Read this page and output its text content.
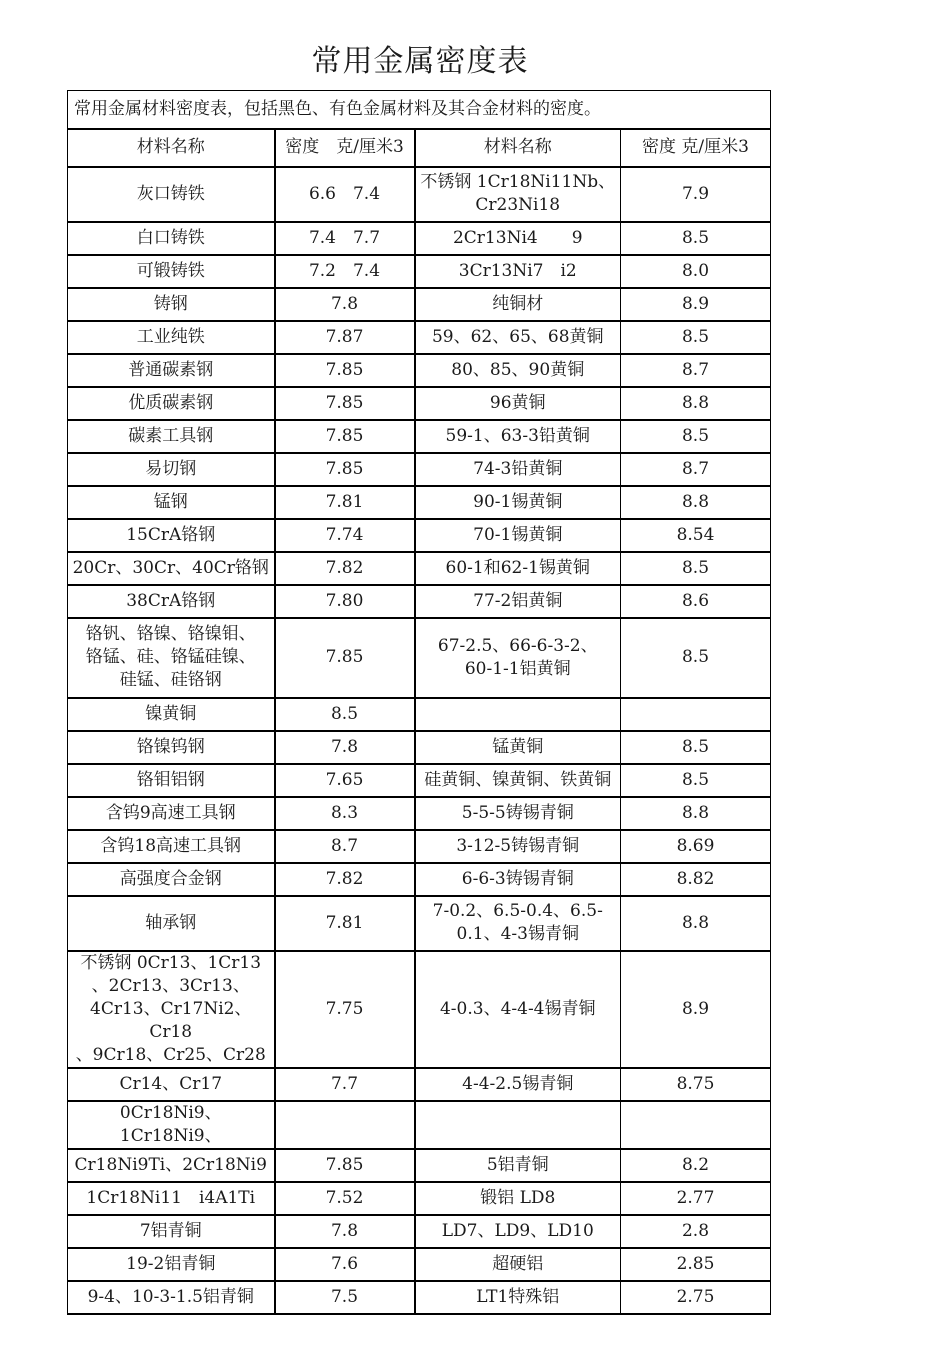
常用金属密度表
常用金属材料密度表，包括黑色、有色金属材料及其合金材料的密度。			
材料名称	密度　克/厘米3	材料名称	密度 克/厘米3
灰口铸铁	6.6　7.4	不锈钢 1Cr18Ni11Nb、
Cr23Ni18	7.9
白口铸铁	7.4　7.7	2Cr13Ni4　　9	8.5
可锻铸铁	7.2　7.4	3Cr13Ni7　i2	8.0
铸钢	7.8	纯铜材	8.9
工业纯铁	7.87	59、62、65、68黄铜	8.5
普通碳素钢	7.85	80、85、90黄铜	8.7
优质碳素钢	7.85	96黄铜	8.8
碳素工具钢	7.85	59-1、63-3铅黄铜	8.5
易切钢	7.85	74-3铅黄铜	8.7
锰钢	7.81	90-1锡黄铜	8.8
15CrA铬钢	7.74	70-1锡黄铜	8.54
20Cr、30Cr、40Cr铬钢	7.82	60-1和62-1锡黄铜	8.5
38CrA铬钢	7.80	77-2铝黄铜	8.6
铬钒、铬镍、铬镍钼、
铬锰、硅、铬锰硅镍、
硅锰、硅铬钢	7.85	67-2.5、66-6-3-2、
60-1-1铝黄铜	8.5
镍黄铜	8.5		
铬镍钨钢	7.8	锰黄铜	8.5
铬钼铝钢	7.65	硅黄铜、镍黄铜、铁黄铜	8.5
含钨9高速工具钢	8.3	5-5-5铸锡青铜	8.8
含钨18高速工具钢	8.7	3-12-5铸锡青铜	8.69
高强度合金钢	7.82	6-6-3铸锡青铜	8.82
轴承钢	7.81	7-0.2、6.5-0.4、6.5-
0.1、4-3锡青铜	8.8
不锈钢 0Cr13、1Cr13
、2Cr13、3Cr13、
4Cr13、Cr17Ni2、Cr18
、9Cr18、Cr25、Cr28	7.75	4-0.3、4-4-4锡青铜	8.9
Cr14、Cr17	7.7	4-4-2.5锡青铜	8.75
0Cr18Ni9、1Cr18Ni9、			
Cr18Ni9Ti、2Cr18Ni9	7.85	5铝青铜	8.2
1Cr18Ni11　i4A1Ti	7.52	锻铝 LD8	2.77
7铝青铜	7.8	LD7、LD9、LD10	2.8
19-2铝青铜	7.6	超硬铝	2.85
9-4、10-3-1.5铝青铜	7.5	LT1特殊铝	2.75
